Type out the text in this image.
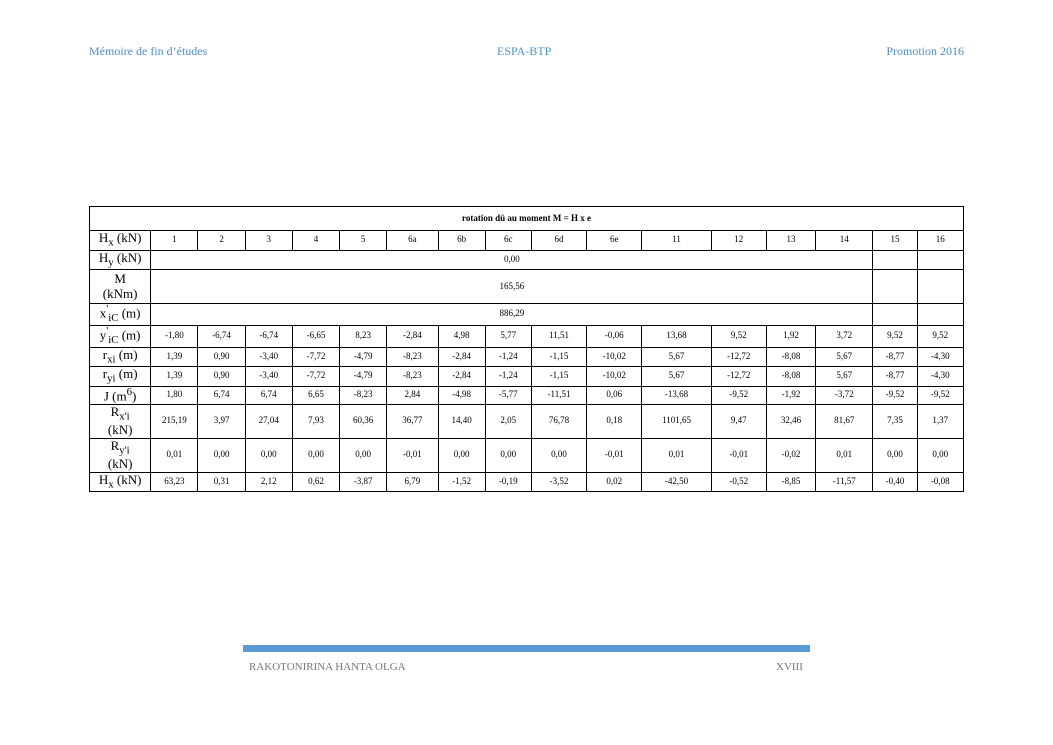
Mémoire de fin d’études	ESPA-BTP	Promotion 2016
rotation dû au moment M = H x e																
$H_x$ (kN)	1	2	3	4	5	6a	6b	6c	6d	6e	11	12	13	14	15	16
$H_y$ (kN)	0,00															
M
(kNm)	165,56															
$x'_{iC}$ (m)	886,29															
$y'_{iC}$ (m)	-1,80	-6,74	-6,74	-6,65	8,23	-2,84	4,98	5,77	11,51	-0,06	13,68	9,52	1,92	3,72	9,52	9,52
$r_{xi}$ (m)	1,39	0,90	-3,40	-7,72	-4,79	-8,23	-2,84	-1,24	-1,15	-10,02	5,67	-12,72	-8,08	5,67	-8,77	-4,30
$r_{yi}$ (m)	1,39	0,90	-3,40	-7,72	-4,79	-8,23	-2,84	-1,24	-1,15	-10,02	5,67	-12,72	-8,08	5,67	-8,77	-4,30
J $(m^6)$	1,80	6,74	6,74	6,65	-8,23	2,84	-4,98	-5,77	-11,51	0,06	-13,68	-9,52	-1,92	-3,72	-9,52	-9,52
$R_{x'i}$
(kN)	215,19	3,97	27,04	7,93	60,36	36,77	14,40	2,05	76,78	0,18	1101,65	9,47	32,46	81,67	7,35	1,37
$R_{y'i}$
(kN)	0,01	0,00	0,00	0,00	0,00	-0,01	0,00	0,00	0,00	-0,01	0,01	-0,01	-0,02	0,01	0,00	0,00
$H_x$ (kN)	63,23	0,31	2,12	0,62	-3,87	6,79	-1,52	-0,19	-3,52	0,02	-42,50	-0,52	-8,85	-11,57	-0,40	-0,08
RAKOTONIRINA HANTA OLGA	XVIII
